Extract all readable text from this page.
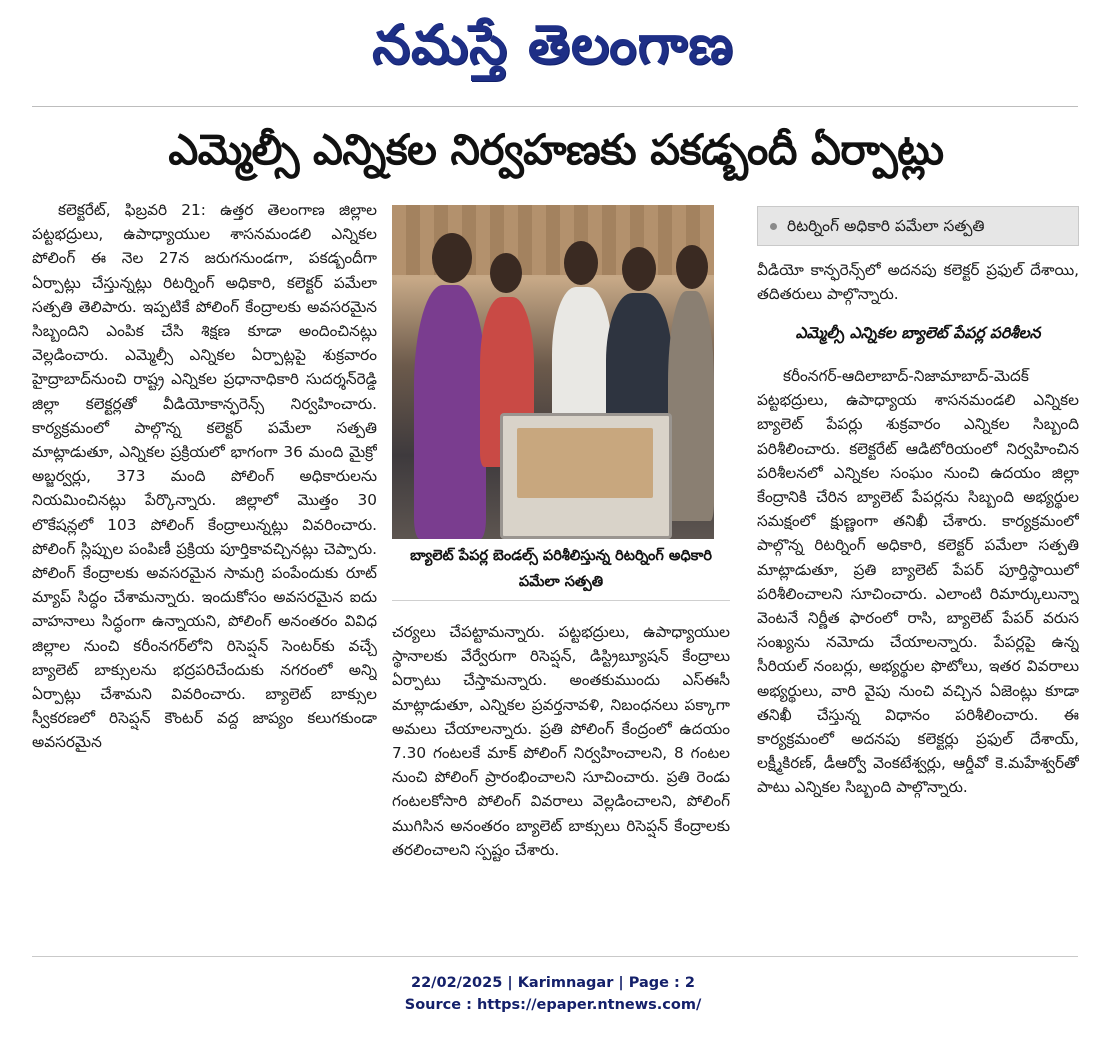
నమస్తే తెలంగాణ
ఎమ్మెల్సీ ఎన్నికల నిర్వహణకు పకడ్బందీ ఏర్పాట్లు

కలెక్టరేట్, ఫిబ్రవరి 21: ఉత్తర తెలంగాణ జిల్లాల పట్టభద్రులు, ఉపాధ్యాయుల శాసనమండలి ఎన్నికల పోలింగ్ ఈ నెల 27న జరుగనుండగా, పకడ్బందీగా ఏర్పాట్లు చేస్తున్నట్లు రిటర్నింగ్ అధికారి, కలెక్టర్ పమేలా సత్పతి తెలిపారు. ఇప్పటికే పోలింగ్ కేంద్రాలకు అవసరమైన సిబ్బందిని ఎంపిక చేసి శిక్షణ కూడా అందించినట్లు వెల్లడించారు. ఎమ్మెల్సీ ఎన్నికల ఏర్పాట్లపై శుక్రవారం హైద్రాబాద్‌నుంచి రాష్ట్ర ఎన్నికల ప్రధానాధికారి సుదర్శన్‌రెడ్డి జిల్లా కలెక్టర్లతో వీడియోకాన్ఫరెన్స్ నిర్వహించారు. కార్యక్రమంలో పాల్గొన్న కలెక్టర్ పమేలా సత్పతి మాట్లాడుతూ, ఎన్నికల ప్రక్రియలో భాగంగా 36 మంది మైక్రో అబ్జర్వర్లు, 373 మంది పోలింగ్ అధికారులను నియమించినట్లు పేర్కొన్నారు. జిల్లాలో మొత్తం 30 లొకేషన్లలో 103 పోలింగ్ కేంద్రాలున్నట్లు వివరించారు. పోలింగ్ స్లిప్పుల పంపిణీ ప్రక్రియ పూర్తికావచ్చినట్లు చెప్పారు. పోలింగ్ కేంద్రాలకు అవసరమైన సామగ్రి పంపేందుకు రూట్ మ్యాప్ సిద్ధం చేశామన్నారు. ఇందుకోసం అవసరమైన ఐదు వాహనాలు సిద్ధంగా ఉన్నాయని, పోలింగ్ అనంతరం వివిధ జిల్లాల నుంచి కరీంనగర్‌లోని రిసెప్షన్ సెంటర్‌కు వచ్చే బ్యాలెట్ బాక్సులను భద్రపరిచేందుకు నగరంలో అన్ని ఏర్పాట్లు చేశామని వివరించారు. బ్యాలెట్ బాక్సుల స్వీకరణలో రిసెప్షన్ కౌంటర్ వద్ద జాప్యం కలుగకుండా అవసరమైన

బ్యాలెట్ పేపర్ల బెండల్స్ పరిశీలిస్తున్న రిటర్నింగ్ అధికారి పమేలా సత్పతి

చర్యలు చేపట్టామన్నారు. పట్టభద్రులు, ఉపాధ్యాయుల స్థానాలకు వేర్వేరుగా రిసెప్షన్, డిస్ట్రిబ్యూషన్ కేంద్రాలు ఏర్పాటు చేస్తామన్నారు. అంతకుముందు ఎస్ఈసీ మాట్లాడుతూ, ఎన్నికల ప్రవర్తనావళి, నిబంధనలు పక్కాగా అమలు చేయాలన్నారు. ప్రతి పోలింగ్ కేంద్రంలో ఉదయం 7.30 గంటలకే మాక్ పోలింగ్ నిర్వహించాలని, 8 గంటల నుంచి పోలింగ్ ప్రారంభించాలని సూచించారు. ప్రతి రెండు గంటలకోసారి పోలింగ్ వివరాలు వెల్లడించాలని, పోలింగ్ ముగిసిన అనంతరం బ్యాలెట్ బాక్సులు రిసెప్షన్ కేంద్రాలకు తరలించాలని స్పష్టం చేశారు.

రిటర్నింగ్ అధికారి పమేలా సత్పతి

వీడియో కాన్ఫరెన్స్‌లో అదనపు కలెక్టర్ ప్రఫుల్ దేశాయి, తదితరులు పాల్గొన్నారు.

ఎమ్మెల్సీ ఎన్నికల బ్యాలెట్ పేపర్ల పరిశీలన

కరీంనగర్-ఆదిలాబాద్-నిజామాబాద్-మెదక్ పట్టభద్రులు, ఉపాధ్యాయ శాసనమండలి ఎన్నికల బ్యాలెట్ పేపర్లు శుక్రవారం ఎన్నికల సిబ్బంది పరిశీలించారు. కలెక్టరేట్ ఆడిటోరియంలో నిర్వహించిన పరిశీలనలో ఎన్నికల సంఘం నుంచి ఉదయం జిల్లా కేంద్రానికి చేరిన బ్యాలెట్ పేపర్లను సిబ్బంది అభ్యర్థుల సమక్షంలో క్షుణ్ణంగా తనిఖీ చేశారు. కార్యక్రమంలో పాల్గొన్న రిటర్నింగ్ అధికారి, కలెక్టర్ పమేలా సత్పతి మాట్లాడుతూ, ప్రతి బ్యాలెట్ పేపర్ పూర్తిస్థాయిలో పరిశీలించాలని సూచించారు. ఎలాంటి రిమార్కులున్నా వెంటనే నిర్ణీత ఫారంలో రాసి, బ్యాలెట్ పేపర్ వరుస సంఖ్యను నమోదు చేయాలన్నారు. పేపర్లపై ఉన్న సీరియల్ నంబర్లు, అభ్యర్థుల ఫొటోలు, ఇతర వివరాలు అభ్యర్థులు, వారి వైపు నుంచి వచ్చిన ఏజెంట్లు కూడా తనిఖీ చేస్తున్న విధానం పరిశీలించారు. ఈ కార్యక్రమంలో అదనపు కలెక్టర్లు ప్రఫుల్ దేశాయ్, లక్ష్మీకిరణ్, డీఆర్వో వెంకటేశ్వర్లు, ఆర్డీవో కె.మహేశ్వర్‌తో పాటు ఎన్నికల సిబ్బంది పాల్గొన్నారు.

22/02/2025 | Karimnagar | Page : 2
Source : https://epaper.ntnews.com/
